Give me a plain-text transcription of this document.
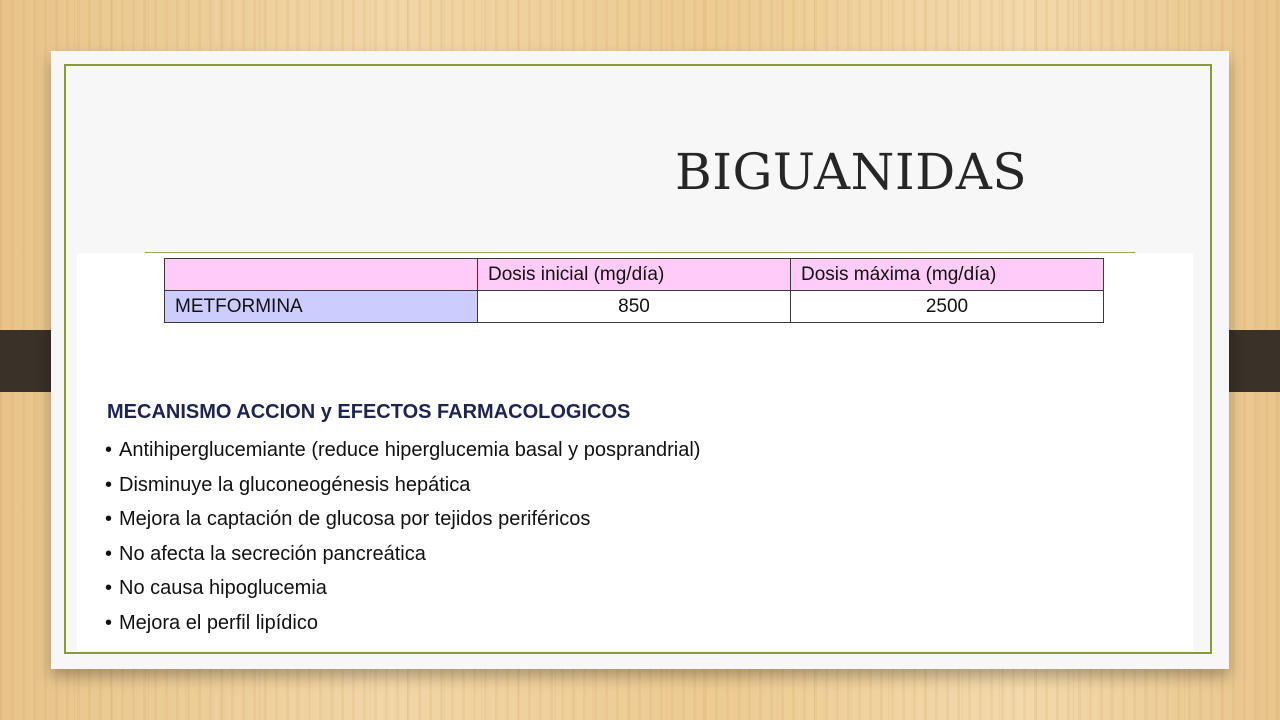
BIGUANIDAS
	Dosis inicial (mg/día)	Dosis máxima (mg/día)
METFORMINA	850	2500
MECANISMO ACCION y EFECTOS FARMACOLOGICOS
• Antihiperglucemiante (reduce hiperglucemia basal y posprandrial)
• Disminuye la gluconeogénesis hepática
• Mejora la captación de glucosa por tejidos periféricos
• No afecta la secreción pancreática
• No causa hipoglucemia
• Mejora el perfil lipídico
